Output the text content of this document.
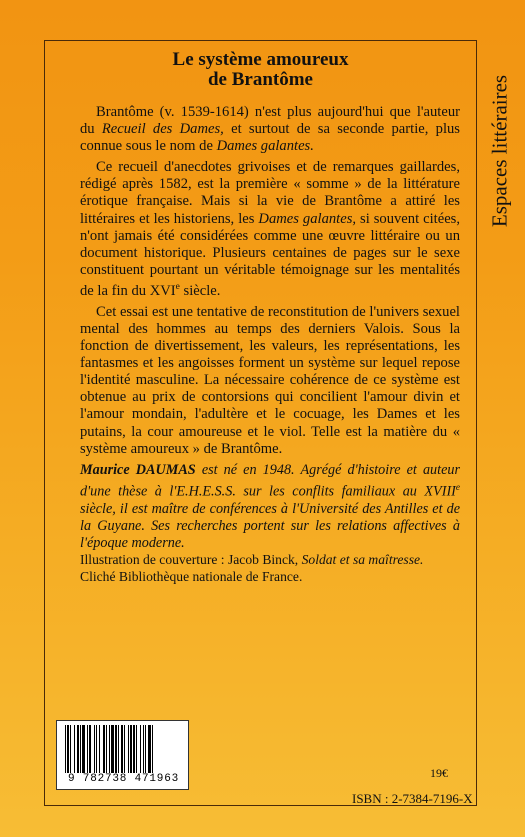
Espaces littéraires
Le système amoureux
de Brantôme

Brantôme (v. 1539-1614) n'est plus aujourd'hui que l'auteur du Recueil des Dames, et surtout de sa seconde partie, plus connue sous le nom de Dames galantes.

Ce recueil d'anecdotes grivoises et de remarques gaillardes, rédigé après 1582, est la première « somme » de la littérature érotique française. Mais si la vie de Brantôme a attiré les littéraires et les historiens, les Dames galantes, si souvent citées, n'ont jamais été considérées comme une œuvre littéraire ou un document historique. Plusieurs centaines de pages sur le sexe constituent pourtant un véritable témoignage sur les mentalités de la fin du XVIe siècle.

Cet essai est une tentative de reconstitution de l'univers sexuel mental des hommes au temps des derniers Valois. Sous la fonction de divertissement, les valeurs, les représentations, les fantasmes et les angoisses forment un système sur lequel repose l'identité masculine. La nécessaire cohérence de ce système est obtenue au prix de contorsions qui concilient l'amour divin et l'amour mondain, l'adultère et le cocuage, les Dames et les putains, la cour amoureuse et le viol. Telle est la matière du « système amoureux » de Brantôme.

Maurice DAUMAS est né en 1948. Agrégé d'histoire et auteur d'une thèse à l'E.H.E.S.S. sur les conflits familiaux au XVIIIe siècle, il est maître de conférences à l'Université des Antilles et de la Guyane. Ses recherches portent sur les relations affectives à l'époque moderne.
Illustration de couverture : Jacob Binck, Soldat et sa maîtresse. Cliché Bibliothèque nationale de France.
9 782738 471963	19€
ISBN : 2-7384-7196-X
